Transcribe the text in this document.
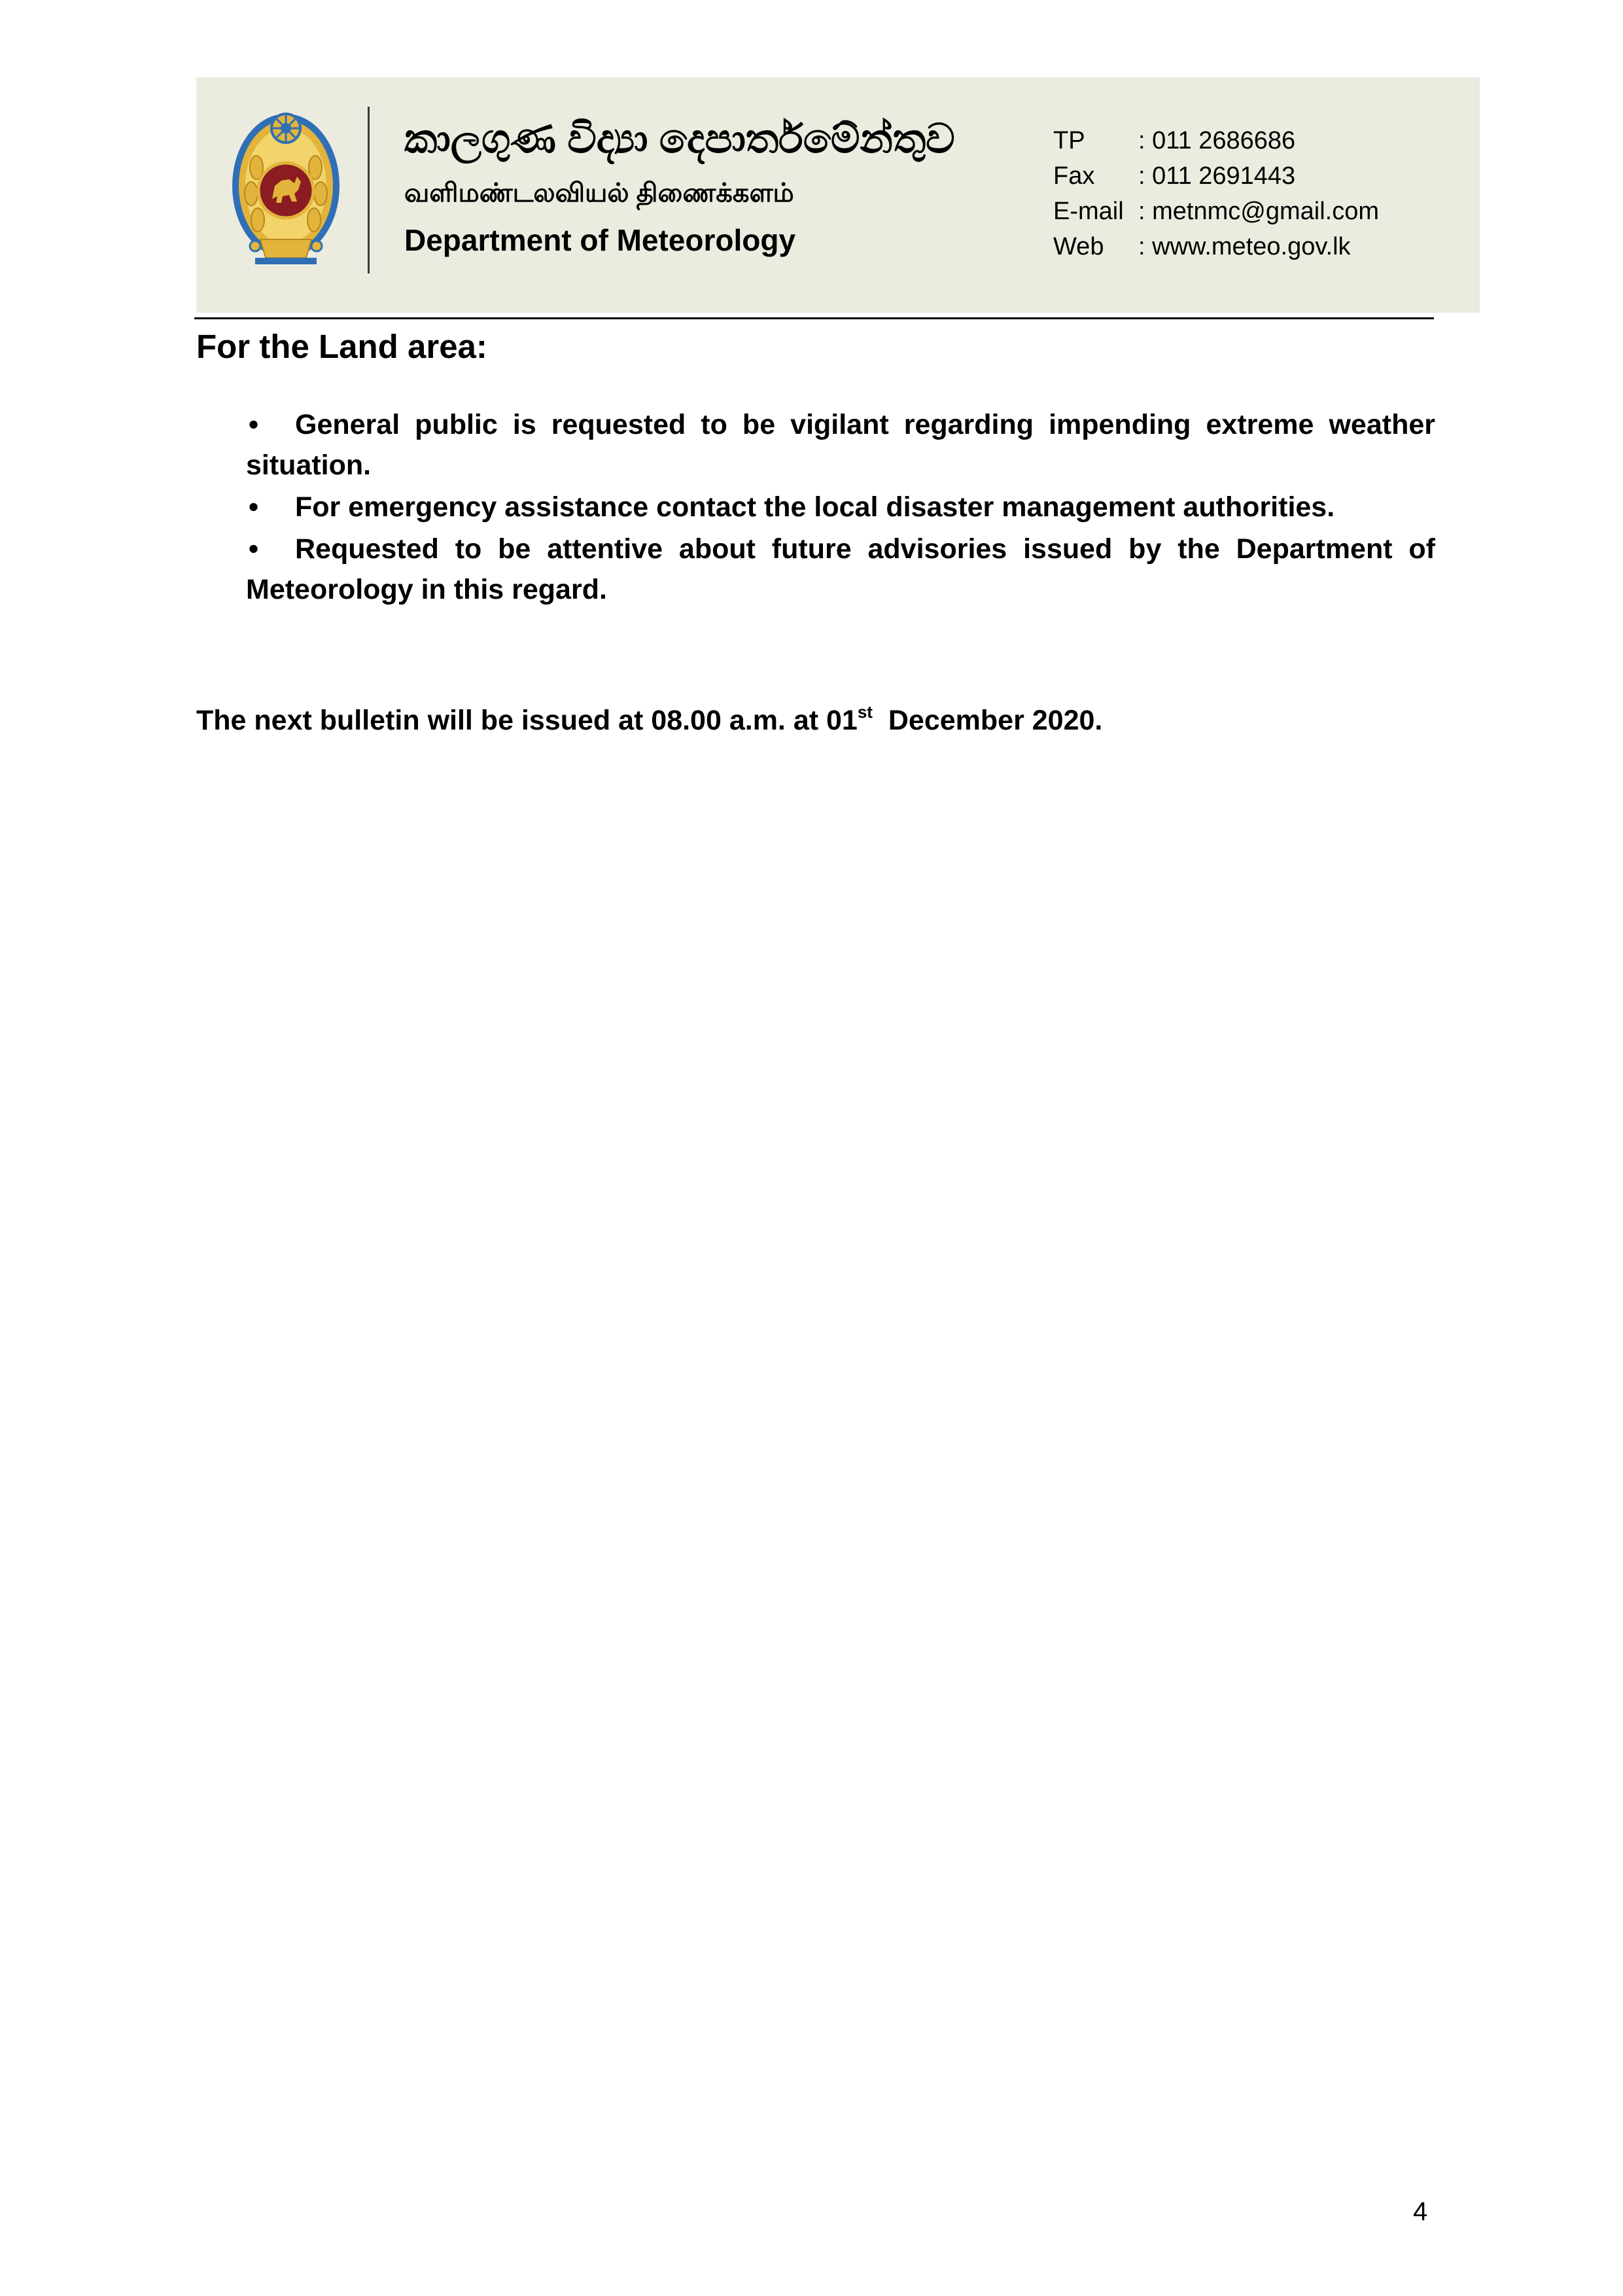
කාලගුණ විද්‍යා දෙපාර්තමේන්තුව
வளிமண்டலவியல் திணைக்களம்
Department of Meteorology
TP	: 011 2686686
Fax	: 011 2691443
E-mail : metnmc@gmail.com
Web	: www.meteo.gov.lk
For the Land area:
• General public is requested to be vigilant regarding impending extreme weather situation.
• For emergency assistance contact the local disaster management authorities.
• Requested to be attentive about future advisories issued by the Department of Meteorology in this regard.
The next bulletin will be issued at 08.00 a.m. at 01st  December 2020.
4
